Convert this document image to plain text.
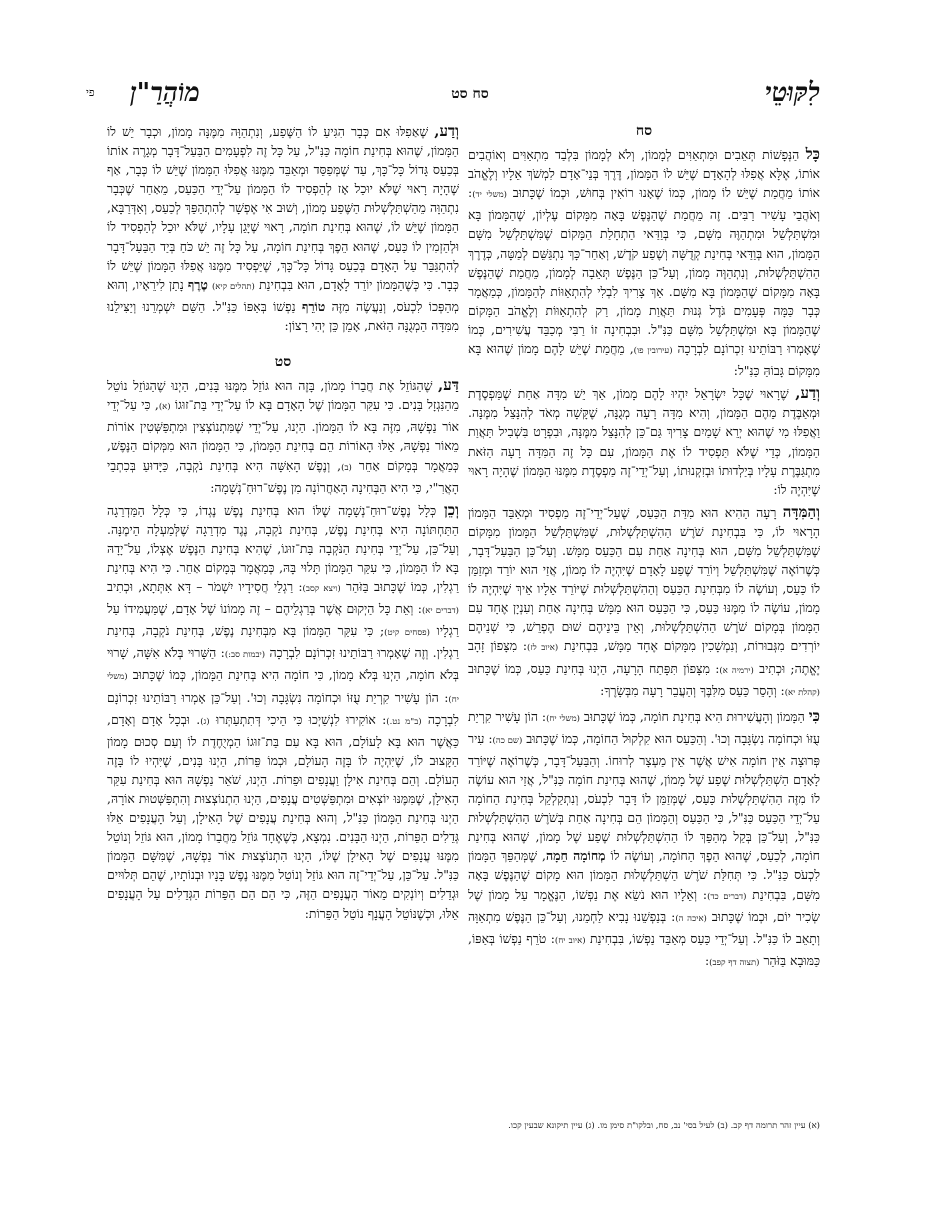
לִקּוּטֵי
סח סט
מוֹהֲרַ"ן
פי
סח

כָּל הַנְּפָשׁוֹת תְּאֵבִים וּמִתְאַוִּים לְמָמוֹן, וְלֹא לְמָמוֹן בִּלְבַד מִתְאַוִּים וְאוֹהֲבִים אוֹתוֹ, אֶלָּא אֲפִלּוּ לְהָאָדָם שֶׁיֵּשׁ לוֹ הַמָּמוֹן, דֶּרֶךְ בְּנֵי־אָדָם לִמְשֹׁךְ אֵלָיו וְלֶאֱהֹב אוֹתוֹ מֵחֲמַת שֶׁיֵּשׁ לוֹ מָמוֹן, כְּמוֹ שֶׁאָנוּ רוֹאִין בְּחוּשׁ, וּכְמוֹ שֶׁכָּתוּב (משלי יד): וְאֹהֲבֵי עָשִׁיר רַבִּים. זֶה מֵחֲמַת שֶׁהַנֶּפֶשׁ בָּאָה מִמָּקוֹם עֶלְיוֹן, שֶׁהַמָּמוֹן בָּא וּמִשְׁתַּלְשֵׁל וּמִתְהַוֶּה מִשָּׁם, כִּי בְּוַדַּאי הַתְחָלַת הַמָּקוֹם שֶׁמִּשְׁתַּלְשֵׁל מִשָּׁם הַמָּמוֹן, הוּא בְּוַדַּאי בְּחִינַת קְדֻשָּׁה וְשֶׁפַע קֹדֶשׁ, וְאַחַר־כָּךְ נִתְגַּשֵּׁם לְמַטָּה, כְּדֶרֶךְ הַהִשְׁתַּלְשְׁלוּת, וְנִתְהַוֶּה מָמוֹן, וְעַל־כֵּן הַנֶּפֶשׁ תְּאֵבָה לְמָמוֹן, מֵחֲמַת שֶׁהַנֶּפֶשׁ בָּאָה מִמָּקוֹם שֶׁהַמָּמוֹן בָּא מִשָּׁם. אַךְ צָרִיךְ לִבְלִי לְהִתְאַוּוֹת לְהַמָּמוֹן, כְּמַאֲמָר כְּבָר כַּמָּה פְּעָמִים גֹּדֶל גְּנוּת תַּאֲוַת מָמוֹן, רַק לְהִתְאַוּוֹת וְלֶאֱהֹב הַמָּקוֹם שֶׁהַמָּמוֹן בָּא וּמִשְׁתַּלְשֵׁל מִשָּׁם כַּנִּ"ל. וּבִבְחִינָה זוֹ רַבִּי מְכַבֵּד עֲשִׁירִים, כְּמוֹ שֶׁאָמְרוּ רַבּוֹתֵינוּ זִכְרוֹנָם לִבְרָכָה (עירובין פו), מֵחֲמַת שֶׁיֵּשׁ לָהֶם מָמוֹן שֶׁהוּא בָּא מִמָּקוֹם גָּבוֹהַּ כַּנִּ"ל:

וְדַע, שֶׁרָאוּי שֶׁכָּל יִשְׂרָאֵל יִהְיוּ לָהֶם מָמוֹן, אַךְ יֵשׁ מִדָּה אַחַת שֶׁמַּפְסֶדֶת וּמְאַבֶּדֶת מֵהֶם הַמָּמוֹן, וְהִיא מִדָּה רָעָה מְגֻנָּה, שֶׁקָּשָׁה מְאֹד לְהִנָּצֵל מִמֶּנָּה. וַאֲפִלּוּ מִי שֶׁהוּא יְרֵא שָׁמַיִם צָרִיךְ גַּם־כֵּן לְהִנָּצֵל מִמֶּנָּה, וּבִפְרָט בִּשְׁבִיל תַּאֲוַת הַמָּמוֹן, כְּדֵי שֶׁלֹּא תַּפְסִיד לוֹ אֶת הַמָּמוֹן, עִם כָּל זֶה הַמִּדָּה רָעָה הַזֹּאת מִתְגַּבֶּרֶת עָלָיו בְּיַלְדוּתוֹ וּבְזִקְנוּתוֹ, וְעַל־יְדֵי־זֶה מַפְסֶדֶת מִמֶּנּוּ הַמָּמוֹן שֶׁהָיָה רָאוּי שֶׁיִּהְיֶה לוֹ:

וְהַמִּדָּה רָעָה הַהִיא הוּא מִדַּת הַכַּעַס, שֶׁעַל־יְדֵי־זֶה מַפְסִיד וּמְאַבֵּד הַמָּמוֹן הָרָאוּי לוֹ, כִּי בִּבְחִינַת שֹׁרֶשׁ הַהִשְׁתַּלְשְׁלוּת, שֶׁמִּשְׁתַּלְשֵׁל הַמָּמוֹן מִמָּקוֹם שֶׁמִּשְׁתַּלְשֵׁל מִשָּׁם, הוּא בְּחִינָה אַחַת עִם הַכַּעַס מַמָּשׁ. וְעַל־כֵּן הַבַּעַל־דָּבָר, כְּשֶׁרוֹאֶה שֶׁמִּשְׁתַּלְשֵׁל וְיוֹרֵד שֶׁפַע לָאָדָם שֶׁיִּהְיֶה לוֹ מָמוֹן, אֲזַי הוּא יוֹרֵד וּמְזַמֵּן לוֹ כַּעַס, וְעוֹשֶׂה לוֹ מִבְּחִינַת הַכַּעַס וְהַהִשְׁתַּלְשְׁלוּת שֶׁיּוֹרֵד אֵלָיו אֵיךְ שֶׁיִּהְיֶה לוֹ מָמוֹן, עוֹשֶׂה לוֹ מִמֶּנּוּ כַּעַס, כִּי הַכַּעַס הוּא מַמָּשׁ בְּחִינָה אַחַת וְעִנְיָן אֶחָד עִם הַמָּמוֹן בְּמָקוֹם שֹׁרֶשׁ הַהִשְׁתַּלְשְׁלוּת, וְאֵין בֵּינֵיהֶם שׁוּם הֶפְרֵשׁ, כִּי שְׁנֵיהֶם יוֹרְדִים מִגְּבוּרוֹת, וְנִמְשָׁכִין מִמָּקוֹם אֶחָד מַמָּשׁ, בִּבְחִינַת (איוב לז): מִצָּפוֹן זָהָב יֶאֱתֶה; וּכְתִיב (ירמיה א): מִצָּפוֹן תִּפָּתַח הָרָעָה, הַיְנוּ בְּחִינַת כַּעַס, כְּמוֹ שֶׁכָּתוּב (קהלת יא): וְהָסֵר כַּעַס מִלִּבֶּךָ וְהַעֲבֵר רָעָה מִבְּשָׂרֶךָ:

כִּי הַמָּמוֹן וְהָעֲשִׁירוּת הִיא בְּחִינַת חוֹמָה, כְּמוֹ שֶׁכָּתוּב (משלי יח): הוֹן עָשִׁיר קִרְיַת עֻזּוֹ וּכְחוֹמָה נִשְׂגָּבָה וְכוּ'. וְהַכַּעַס הוּא קִלְקוּל הַחוֹמָה, כְּמוֹ שֶׁכָּתוּב (שם כה): עִיר פְּרוּצָה אֵין חוֹמָה אִישׁ אֲשֶׁר אֵין מַעְצָר לְרוּחוֹ. וְהַבַּעַל־דָּבָר, כְּשֶׁרוֹאֶה שֶׁיּוֹרֵד לָאָדָם הַשְׁתַּלְשְׁלוּת שֶׁפַע שֶׁל מָמוֹן, שֶׁהוּא בְּחִינַת חוֹמָה כַּנִּ"ל, אֲזַי הוּא עוֹשֶׂה לוֹ מִזֶּה הַהִשְׁתַּלְשְׁלוּת כַּעַס, שֶׁמְּזַמֵּן לוֹ דָּבָר לִכְעֹס, וְנִתְקַלְקֵל בְּחִינַת הַחוֹמָה עַל־יְדֵי הַכַּעַס כַּנִּ"ל, כִּי הַכַּעַס וְהַמָּמוֹן הֵם בְּחִינָה אַחַת בְּשֹׁרֶשׁ הַהִשְׁתַּלְשְׁלוּת כַּנִּ"ל, וְעַל־כֵּן בְּקַל מְהַפֵּךְ לוֹ הַהִשְׁתַּלְשְׁלוּת שֶׁפַע שֶׁל מָמוֹן, שֶׁהוּא בְּחִינַת חוֹמָה, לְכַעַס, שֶׁהוּא הֵפֶךְ הַחוֹמָה, וְעוֹשֶׂה לוֹ מְחוֹמָה חֵמָה, שֶׁמְּהַפֵּךְ הַמָּמוֹן לִכְעֹס כַּנִּ"ל. כִּי תְּחִלַּת שֹׁרֶשׁ הַשְׁתַּלְשְׁלוּת הַמָּמוֹן הוּא מָקוֹם שֶׁהַנֶּפֶשׁ בָּאָה מִשָּׁם, בִּבְחִינַת (דברים כד): וְאֵלָיו הוּא נֹשֵׂא אֶת נַפְשׁוֹ, הַנֶּאֱמָר עַל מָמוֹן שֶׁל שְׂכִיר יוֹם, וּכְמוֹ שֶׁכָּתוּב (איכה ה): בְּנַפְשֵׁנוּ נָבִיא לַחְמֵנוּ, וְעַל־כֵּן הַנֶּפֶשׁ מִתְאַוָּה וְתָאֵב לוֹ כַּנִּ"ל. וְעַל־יְדֵי כַּעַס מְאַבֵּד נַפְשׁוֹ, בִּבְחִינַת (איוב יח): טֹרֵף נַפְשׁוֹ בְּאַפּוֹ, כַּמּוּבָא בַּזֹּהַר (תצוה דף קפב):

וְדַע, שֶׁאַפִלּוּ אִם כְּבָר הִגִּיעַ לוֹ הַשֶּׁפַע, וְנִתְהַוָּה מִמֶּנָּה מָמוֹן, וּכְבָר יֵשׁ לוֹ הַמָּמוֹן, שֶׁהוּא בְּחִינַת חוֹמָה כַּנִּ"ל, עַל כָּל זֶה לִפְעָמִים הַבַּעַל־דָּבָר מְגָרֶה אוֹתוֹ בְּכַעַס גָּדוֹל כָּל־כָּךְ, עַד שֶׁמְּפַסֵּד וּמְאַבֵּד מִמֶּנּוּ אֲפִלּוּ הַמָּמוֹן שֶׁיֵּשׁ לוֹ כְּבָר, אַף שֶׁהָיָה רָאוּי שֶׁלֹּא יוּכַל אָז לְהַפְסִיד לוֹ הַמָּמוֹן עַל־יְדֵי הַכַּעַס, מֵאַחַר שֶׁכְּבָר נִתְהַוָּה מֵהַשְׁתַּלְשְׁלוּת הַשֶּׁפַע מָמוֹן, וְשׁוּב אִי אֶפְשָׁר לְהִתְהַפֵּךְ לְכַעַס, וְאַדְּרַבָּא, הַמָּמוֹן שֶׁיֵּשׁ לוֹ, שֶׁהוּא בְּחִינַת חוֹמָה, רָאוּי שֶׁיָּגֵן עָלָיו, שֶׁלֹּא יוּכַל לְהַפְסִיד לוֹ וּלְהַזְמִין לוֹ כַּעַס, שֶׁהוּא הֵפֶךְ בְּחִינַת חוֹמָה, עַל כָּל זֶה יֵשׁ כֹּחַ בְּיַד הַבַּעַל־דָּבָר לְהִתְגַּבֵּר עַל הָאָדָם בְּכַעַס גָּדוֹל כָּל־כָּךְ, שֶׁיַּפְסִיד מִמֶּנּוּ אֲפִלּוּ הַמָּמוֹן שֶׁיֵּשׁ לוֹ כְּבָר. כִּי כְּשֶׁהַמָּמוֹן יוֹרֵד לָאָדָם, הוּא בִּבְחִינַת (תהלים קיא) טֶרֶף נָתַן לִירֵאָיו, וְהוּא מְהַפְּכוֹ לִכְעֹס, וְנַעֲשֶׂה מִזֶּה טוֹרֵף נַפְשׁוֹ בְּאַפּוֹ כַּנִּ"ל. הַשֵּׁם יִשְׁמְרֵנוּ וְיַצִּילֵנוּ מִמִּדָּה הַמְגֻנָּה הַזֹּאת, אָמֵן כֵּן יְהִי רָצוֹן:

סט

דַּע, שֶׁהַגּוֹזֵל אֶת חֲבֵרוֹ מָמוֹן, בָּזֶה הוּא גּוֹזֵל מִמֶּנּוּ בָּנִים, הַיְנוּ שֶׁהַגּוֹזֵל נוֹטֵל מֵהַנִּגְזָל בָּנִים. כִּי עִקַּר הַמָּמוֹן שֶׁל הָאָדָם בָּא לוֹ עַל־יְדֵי בַּת־זוּגוֹ (א), כִּי עַל־יְדֵי אוֹר נַפְשָׁהּ, מִזֶּה בָּא לוֹ הַמָּמוֹן. הַיְנוּ, עַל־יְדֵי שֶׁמִּתְנוֹצְצִין וּמִתְפַּשְּׁטִין אוֹרוֹת מֵאוֹר נַפְשָׁהּ, אֵלּוּ הָאוֹרוֹת הֵם בְּחִינַת הַמָּמוֹן, כִּי הַמָּמוֹן הוּא מִמְּקוֹם הַנֶּפֶשׁ, כְּמַאֲמָר בְּמָקוֹם אַחֵר (ב), וְנֶפֶשׁ הָאִשָּׁה הִיא בְּחִינַת נֹקְבָה, כַּיָּדוּעַ בְּכִתְבֵי הָאֲרִ"י, כִּי הִיא הַבְּחִינָה הָאַחֲרוֹנָה מִן נֶפֶשׁ־רוּחַ־נְשָׁמָה:

וְכֵן כְּלָל נֶפֶשׁ־רוּחַ־נְשָׁמָה שֶׁלּוֹ הוּא בְּחִינַת נֶפֶשׁ נֶגְדוֹ, כִּי כְּלָל הַמַּדְרֵגָה הַתַּחְתּוֹנָה הִיא בְּחִינַת נֶפֶשׁ, בְּחִינַת נֹקְבָה, נֶגֶד מַדְרֵגָה שֶׁלְּמַעְלָה הֵימֶנָּה. וְעַל־כֵּן, עַל־יְדֵי בְּחִינַת הַנֹּקְבָה בַּת־זוּגוֹ, שֶׁהִיא בְּחִינַת הַנֶּפֶשׁ אֶצְלוֹ, עַל־יָדָהּ בָּא לוֹ הַמָּמוֹן, כִּי עִקַּר הַמָּמוֹן תָּלוּי בָּהּ, כְּמַאֲמָר בְּמָקוֹם אַחֵר. כִּי הִיא בְּחִינַת רַגְלִין, כְּמוֹ שֶׁכָּתוּב בַּזֹּהַר (ויצא קסב): רַגְלֵי חֲסִידָיו יִשְׁמֹר – דָּא אִתְּתָא, וּכְתִיב (דברים יא): וְאֵת כָּל הַיְקוּם אֲשֶׁר בְּרַגְלֵיהֶם – זֶה מָמוֹנוֹ שֶׁל אָדָם, שֶׁמַּעֲמִידוֹ עַל רַגְלָיו (פסחים קיט); כִּי עִקַּר הַמָּמוֹן בָּא מִבְּחִינַת נֶפֶשׁ, בְּחִינַת נֹקְבָה, בְּחִינַת רַגְלִין. וְזֶה שֶׁאָמְרוּ רַבּוֹתֵינוּ זִכְרוֹנָם לִבְרָכָה (יבמות סב:): הַשָּׁרוּי בְּלֹא אִשָּׁה, שָׁרוּי בְּלֹא חוֹמָה, הַיְנוּ בְּלֹא מָמוֹן, כִּי חוֹמָה הִיא בְּחִינַת הַמָּמוֹן, כְּמוֹ שֶׁכָּתוּב (משלי יח): הוֹן עָשִׁיר קִרְיַת עֻזּוֹ וּכְחוֹמָה נִשְׂגָּבָה וְכוּ'. וְעַל־כֵּן אָמְרוּ רַבּוֹתֵינוּ זִכְרוֹנָם לִבְרָכָה (ב"מ נט.): אוֹקִירוּ לִנְשַׁיְכוּ כִּי הֵיכִי דְּתִתְעַתְּרוּ (ג). וּבְכָל אָדָם וְאָדָם, כַּאֲשֶׁר הוּא בָּא לָעוֹלָם, הוּא בָּא עִם בַּת־זוּגוֹ הַמְיֻחֶדֶת לוֹ וְעִם סְכוּם מָמוֹן הַקָּצוּב לוֹ, שֶׁיִּהְיֶה לוֹ בָּזֶה הָעוֹלָם, וּכְמוֹ פֵּרוֹת, הַיְנוּ בָּנִים, שֶׁיִּהְיוּ לוֹ בָּזֶה הָעוֹלָם. וְהֵם בְּחִינַת אִילָן וַעֲנָפִים וּפֵרוֹת. הַיְנוּ, שֹׁאֵר נַפְשָׁהּ הוּא בְּחִינַת עִקַּר הָאִילָן, שֶׁמִּמֶּנּוּ יוֹצְאִים וּמִתְפַּשְּׁטִים עֲנָפִים, הַיְנוּ הִתְנוֹצְצוּת וְהִתְפַּשְּׁטוּת אוֹרָהּ, הַיְנוּ בְּחִינַת הַמָּמוֹן כַּנִּ"ל, וְהוּא בְּחִינַת עֲנָפִים שֶׁל הָאִילָן, וְעַל הָעֲנָפִים אֵלּוּ גְּדֵלִים הַפֵּרוֹת, הַיְנוּ הַבָּנִים. נִמְצָא, כְּשֶׁאֶחָד גּוֹזֵל מֵחֲבֵרוֹ מָמוֹן, הוּא גּוֹזֵל וְנוֹטֵל מִמֶּנּוּ עֲנָפִים שֶׁל הָאִילָן שֶׁלּוֹ, הַיְנוּ הִתְנוֹצְצוּת אוֹר נַפְשָׁהּ, שֶׁמִּשָּׁם הַמָּמוֹן כַּנִּ"ל. עַל־כֵּן, עַל־יְדֵי־זֶה הוּא גּוֹזֵל וְנוֹטֵל מִמֶּנּוּ נֶפֶשׁ בָּנָיו וּבְנוֹתָיו, שֶׁהֵם תְּלוּיִים וּגְדֵלִים וְיוֹנְקִים מֵאוֹר הָעֲנָפִים הַזֶּה, כִּי הֵם הֵם הַפֵּרוֹת הַגְּדֵלִים עַל הָעֲנָפִים אֵלּוּ, וּכְשֶׁנּוֹטֵל הָעֲנָף נוֹטֵל הַפֵּרוֹת:

(א) עיין זהר תרומה דף קב. (ב) לעיל בסי' נב, סח, ובלקו"ת סימן מו. (ג) עיין תיקונא שבעין קכו.
